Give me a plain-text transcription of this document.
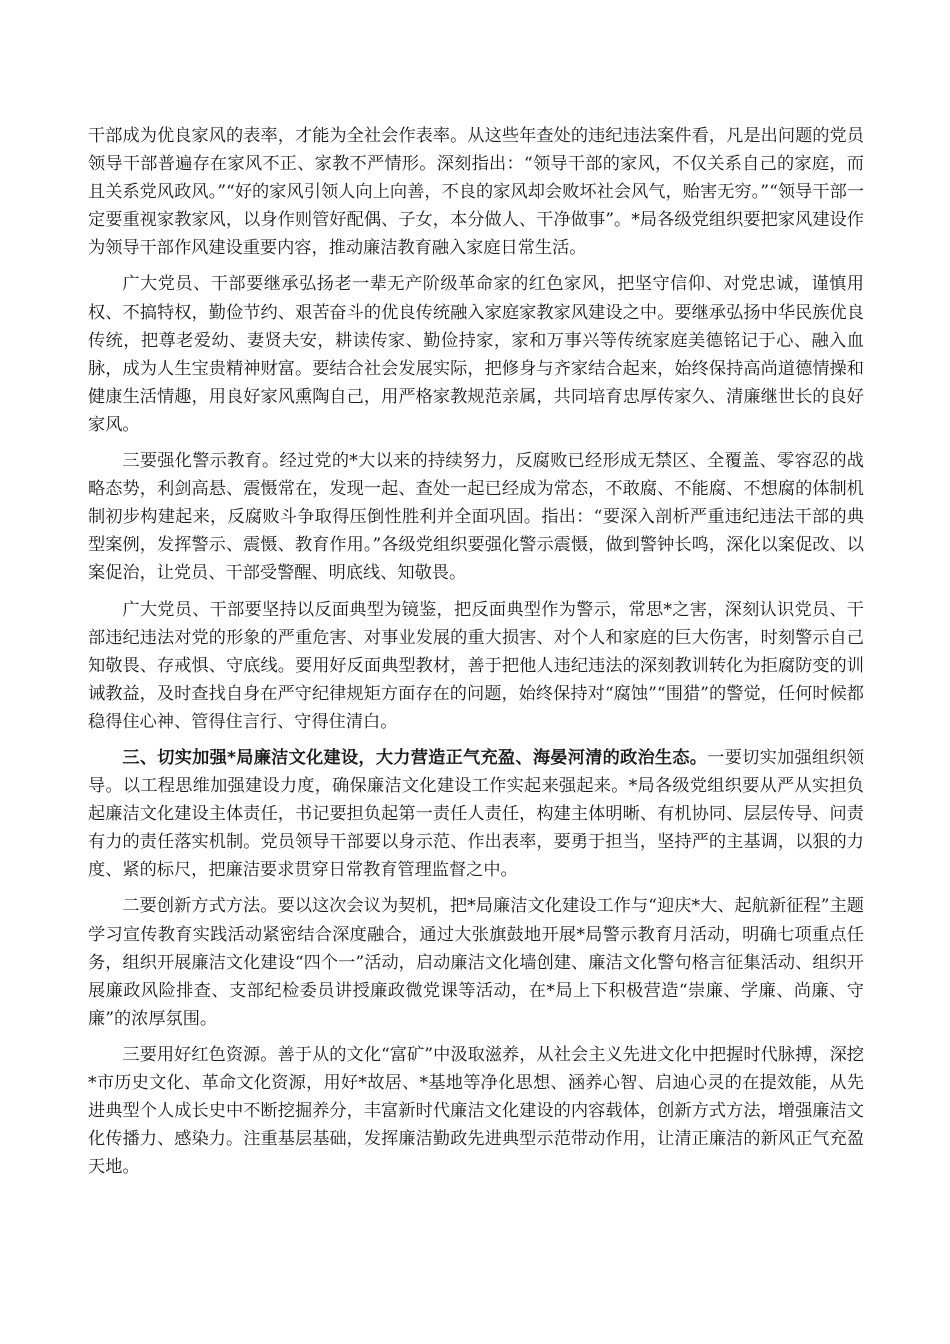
干部成为优良家风的表率，才能为全社会作表率。从这些年查处的违纪违法案件看，凡是出问题的党员领导干部普遍存在家风不正、家教不严情形。深刻指出：“领导干部的家风，不仅关系自己的家庭，而且关系党风政风。”“好的家风引领人向上向善，不良的家风却会败坏社会风气，贻害无穷。”“领导干部一定要重视家教家风，以身作则管好配偶、子女，本分做人、干净做事”。*局各级党组织要把家风建设作为领导干部作风建设重要内容，推动廉洁教育融入家庭日常生活。

广大党员、干部要继承弘扬老一辈无产阶级革命家的红色家风，把坚守信仰、对党忠诚，谨慎用权、不搞特权，勤俭节约、艰苦奋斗的优良传统融入家庭家教家风建设之中。要继承弘扬中华民族优良传统，把尊老爱幼、妻贤夫安，耕读传家、勤俭持家，家和万事兴等传统家庭美德铭记于心、融入血脉，成为人生宝贵精神财富。要结合社会发展实际，把修身与齐家结合起来，始终保持高尚道德情操和健康生活情趣，用良好家风熏陶自己，用严格家教规范亲属，共同培育忠厚传家久、清廉继世长的良好家风。

三要强化警示教育。经过党的*大以来的持续努力，反腐败已经形成无禁区、全覆盖、零容忍的战略态势，利剑高悬、震慑常在，发现一起、查处一起已经成为常态，不敢腐、不能腐、不想腐的体制机制初步构建起来，反腐败斗争取得压倒性胜利并全面巩固。指出：“要深入剖析严重违纪违法干部的典型案例，发挥警示、震慑、教育作用。”各级党组织要强化警示震慑，做到警钟长鸣，深化以案促改、以案促治，让党员、干部受警醒、明底线、知敬畏。

广大党员、干部要坚持以反面典型为镜鉴，把反面典型作为警示，常思*之害，深刻认识党员、干部违纪违法对党的形象的严重危害、对事业发展的重大损害、对个人和家庭的巨大伤害，时刻警示自己知敬畏、存戒惧、守底线。要用好反面典型教材，善于把他人违纪违法的深刻教训转化为拒腐防变的训诫教益，及时查找自身在严守纪律规矩方面存在的问题，始终保持对“腐蚀”“围猎”的警觉，任何时候都稳得住心神、管得住言行、守得住清白。

三、切实加强*局廉洁文化建设，大力营造正气充盈、海晏河清的政治生态。一要切实加强组织领导。以工程思维加强建设力度，确保廉洁文化建设工作实起来强起来。*局各级党组织要从严从实担负起廉洁文化建设主体责任，书记要担负起第一责任人责任，构建主体明晰、有机协同、层层传导、问责有力的责任落实机制。党员领导干部要以身示范、作出表率，要勇于担当，坚持严的主基调，以狠的力度、紧的标尺，把廉洁要求贯穿日常教育管理监督之中。

二要创新方式方法。要以这次会议为契机，把*局廉洁文化建设工作与“迎庆*大、起航新征程”主题学习宣传教育实践活动紧密结合深度融合，通过大张旗鼓地开展*局警示教育月活动，明确七项重点任务，组织开展廉洁文化建设“四个一”活动，启动廉洁文化墙创建、廉洁文化警句格言征集活动、组织开展廉政风险排查、支部纪检委员讲授廉政微党课等活动，在*局上下积极营造“崇廉、学廉、尚廉、守廉”的浓厚氛围。

三要用好红色资源。善于从的文化“富矿”中汲取滋养，从社会主义先进文化中把握时代脉搏，深挖*市历史文化、革命文化资源，用好*故居、*基地等净化思想、涵养心智、启迪心灵的在提效能，从先进典型个人成长史中不断挖掘养分，丰富新时代廉洁文化建设的内容载体，创新方式方法，增强廉洁文化传播力、感染力。注重基层基础，发挥廉洁勤政先进典型示范带动作用，让清正廉洁的新风正气充盈天地。
